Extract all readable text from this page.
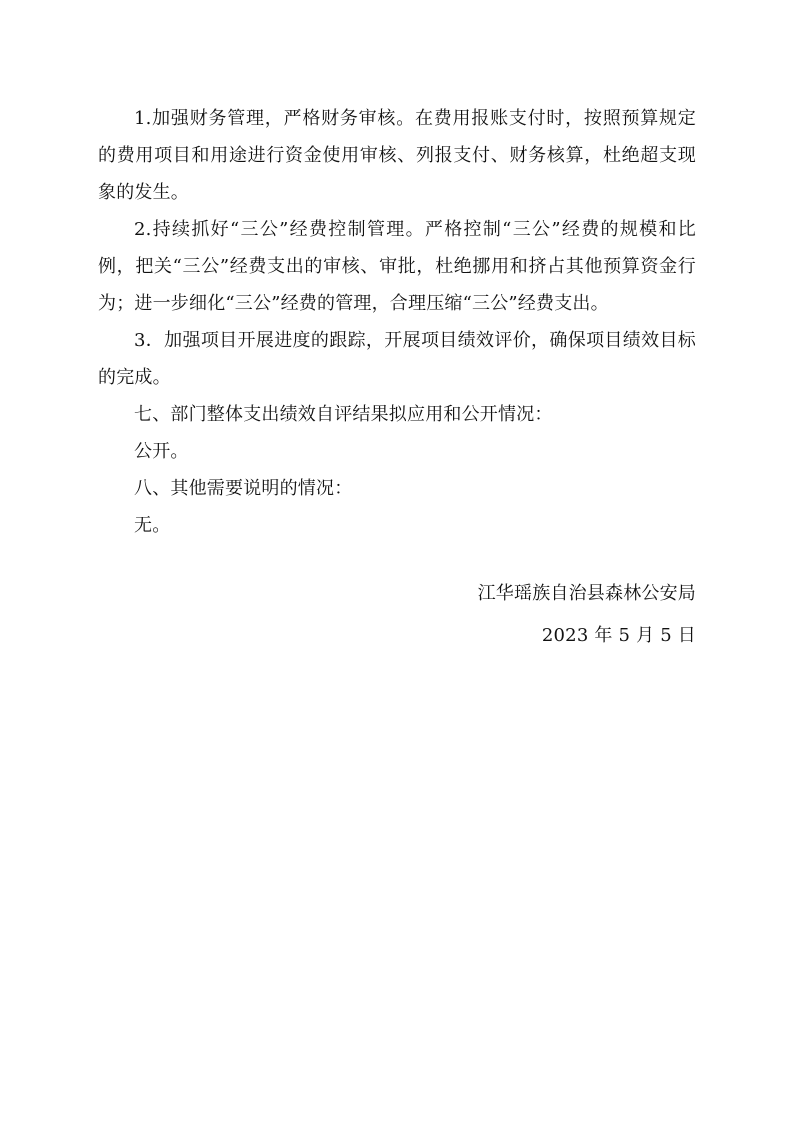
1.加强财务管理，严格财务审核。在费用报账支付时，按照预算规定的费用项目和用途进行资金使用审核、列报支付、财务核算，杜绝超支现象的发生。

2.持续抓好“三公”经费控制管理。严格控制“三公”经费的规模和比例，把关“三公”经费支出的审核、审批，杜绝挪用和挤占其他预算资金行为；进一步细化“三公”经费的管理，合理压缩“三公”经费支出。

3．加强项目开展进度的跟踪，开展项目绩效评价，确保项目绩效目标的完成。

七、部门整体支出绩效自评结果拟应用和公开情况：

公开。

八、其他需要说明的情况：

无。

江华瑶族自治县森林公安局

2023 年 5 月 5 日
